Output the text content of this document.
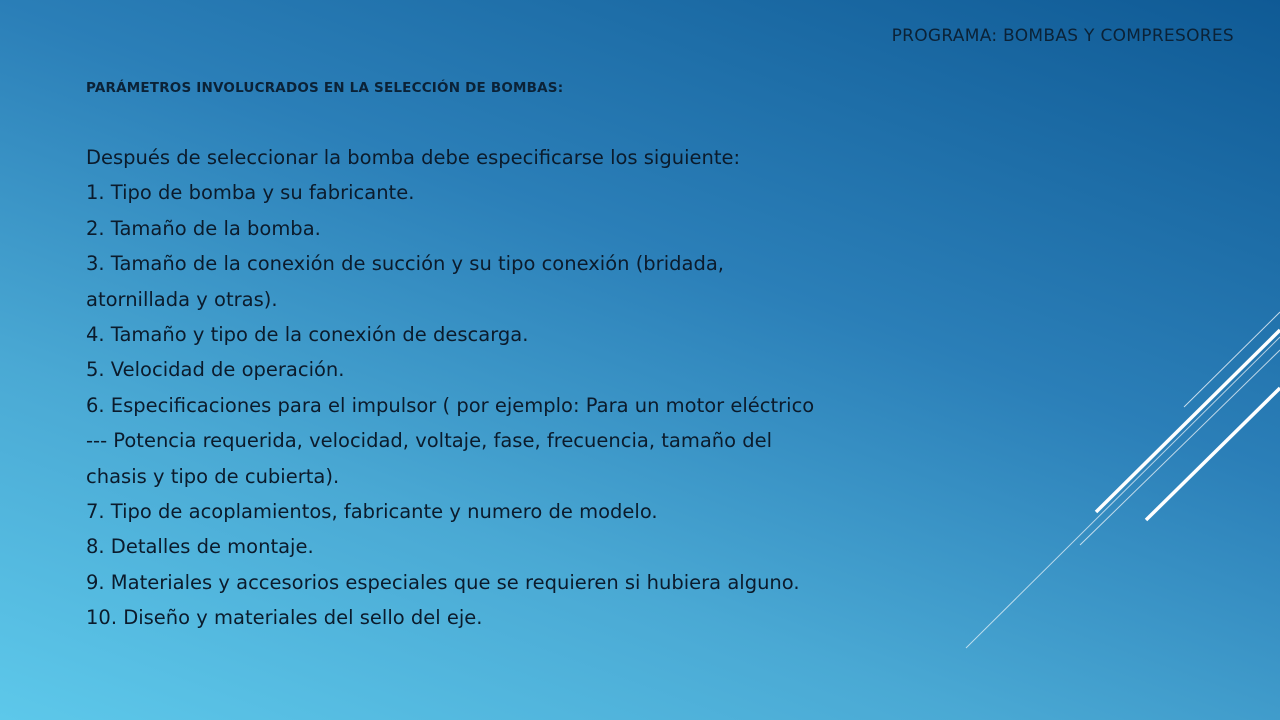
PROGRAMA: BOMBAS Y COMPRESORES
PARÁMETROS INVOLUCRADOS EN LA SELECCIÓN DE BOMBAS:
Después de seleccionar la bomba debe especificarse los siguiente:
1. Tipo de bomba y su fabricante.
2. Tamaño de la bomba.
3. Tamaño de la conexión de succión y su tipo conexión (bridada,
atornillada y otras).
4. Tamaño y tipo de la conexión de descarga.
5. Velocidad de operación.
6. Especificaciones para el impulsor ( por ejemplo: Para un motor eléctrico
--- Potencia requerida, velocidad, voltaje, fase, frecuencia, tamaño del
chasis y tipo de cubierta).
7. Tipo de acoplamientos, fabricante y numero de modelo.
8. Detalles de montaje.
9. Materiales y accesorios especiales que se requieren si hubiera alguno.
10. Diseño y materiales del sello del eje.
